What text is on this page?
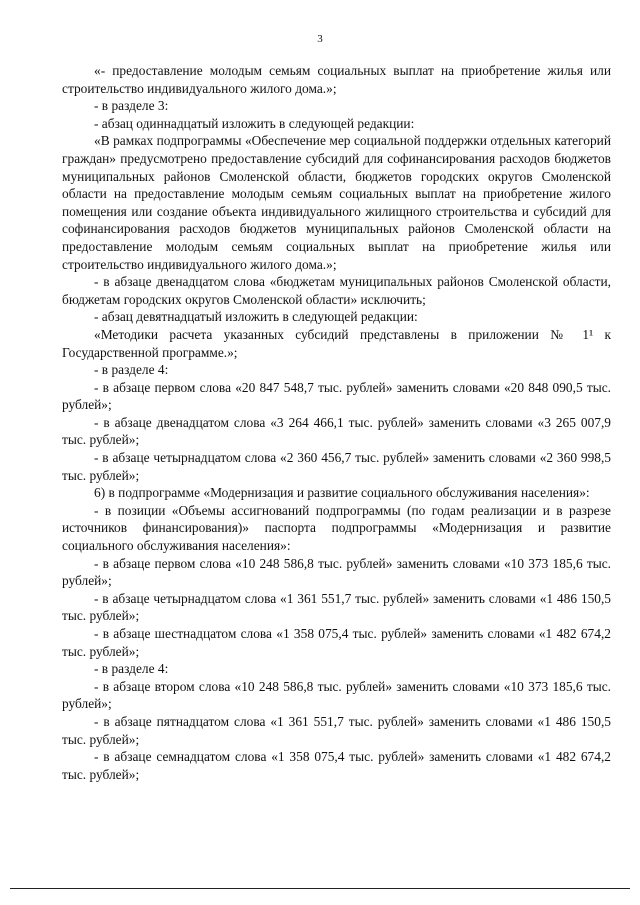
3

«- предоставление молодым семьям социальных выплат на приобретение жилья или строительство индивидуального жилого дома.»;

- в разделе 3:

- абзац одиннадцатый изложить в следующей редакции:

«В рамках подпрограммы «Обеспечение мер социальной поддержки отдельных категорий граждан» предусмотрено предоставление субсидий для софинансирования расходов бюджетов муниципальных районов Смоленской области, бюджетов городских округов Смоленской области на предоставление молодым семьям социальных выплат на приобретение жилого помещения или создание объекта индивидуального жилищного строительства и субсидий для софинансирования расходов бюджетов муниципальных районов Смоленской области на предоставление молодым семьям социальных выплат на приобретение жилья или строительство индивидуального жилого дома.»;

- в абзаце двенадцатом слова «бюджетам муниципальных районов Смоленской области, бюджетам городских округов Смоленской области» исключить;

- абзац девятнадцатый изложить в следующей редакции:

«Методики расчета указанных субсидий представлены в приложении № 1¹ к Государственной программе.»;

- в разделе 4:

- в абзаце первом слова «20 847 548,7 тыс. рублей» заменить словами «20 848 090,5 тыс. рублей»;

- в абзаце двенадцатом слова «3 264 466,1 тыс. рублей» заменить словами «3 265 007,9 тыс. рублей»;

- в абзаце четырнадцатом слова «2 360 456,7 тыс. рублей» заменить словами «2 360 998,5 тыс. рублей»;

6) в подпрограмме «Модернизация и развитие социального обслуживания населения»:

- в позиции «Объемы ассигнований подпрограммы (по годам реализации и в разрезе источников финансирования)» паспорта подпрограммы «Модернизация и развитие социального обслуживания населения»:

- в абзаце первом слова «10 248 586,8 тыс. рублей» заменить словами «10 373 185,6 тыс. рублей»;

- в абзаце четырнадцатом слова «1 361 551,7 тыс. рублей» заменить словами «1 486 150,5 тыс. рублей»;

- в абзаце шестнадцатом слова «1 358 075,4 тыс. рублей» заменить словами «1 482 674,2 тыс. рублей»;

- в разделе 4:

- в абзаце втором слова «10 248 586,8 тыс. рублей» заменить словами «10 373 185,6 тыс. рублей»;

- в абзаце пятнадцатом слова «1 361 551,7 тыс. рублей» заменить словами «1 486 150,5 тыс. рублей»;

- в абзаце семнадцатом слова «1 358 075,4 тыс. рублей» заменить словами «1 482 674,2 тыс. рублей»;
